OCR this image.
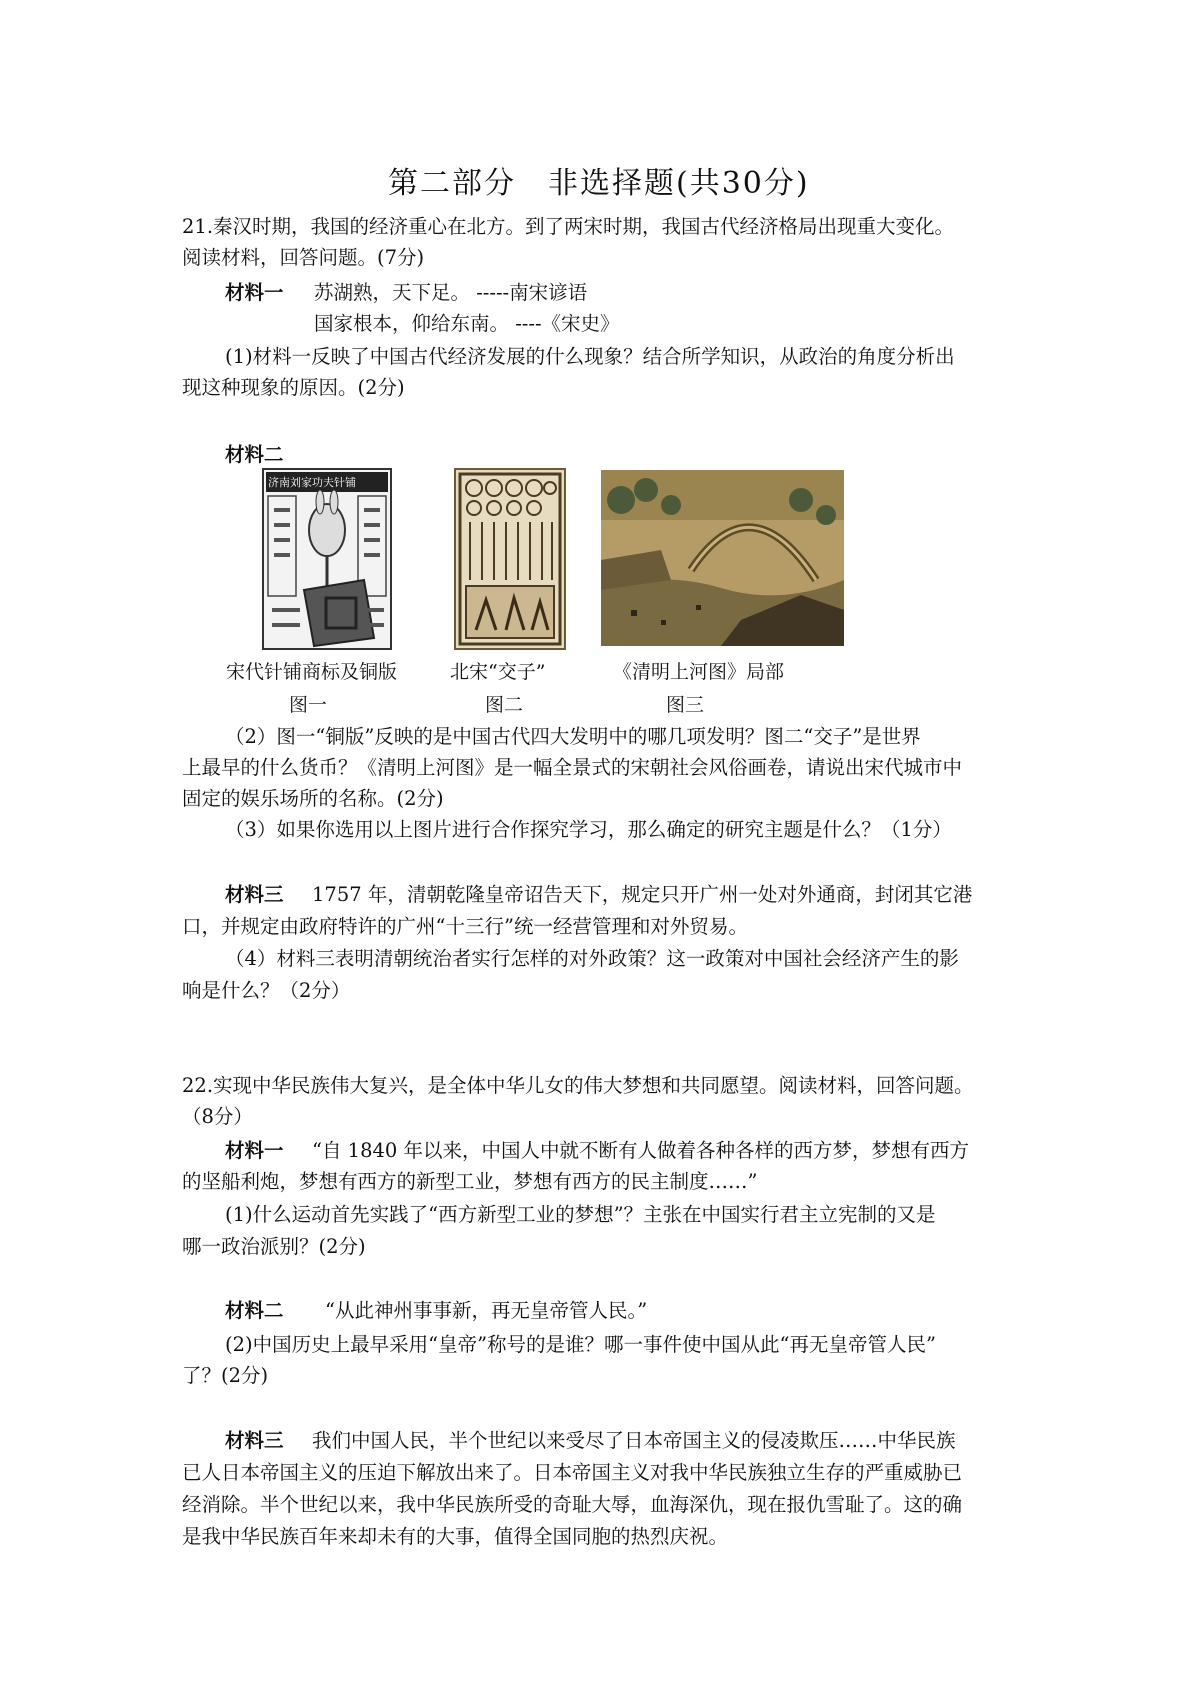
第二部分　非选择题(共30分)
21.秦汉时期，我国的经济重心在北方。到了两宋时期，我国古代经济格局出现重大变化。
阅读材料，回答问题。(7分)
材料一 苏湖熟，天下足。 -----南宋谚语
国家根本，仰给东南。 ----《宋史》
(1)材料一反映了中国古代经济发展的什么现象？结合所学知识，从政治的角度分析出
现这种现象的原因。(2分)
材料二
济南刘家功夫针铺
宋代针铺商标及铜版	北宋“交子”	《清明上河图》局部
图一	图二	图三
（2）图一“铜版”反映的是中国古代四大发明中的哪几项发明？图二“交子”是世界
上最早的什么货币？《清明上河图》是一幅全景式的宋朝社会风俗画卷，请说出宋代城市中
固定的娱乐场所的名称。(2分)
（3）如果你选用以上图片进行合作探究学习，那么确定的研究主题是什么？（1分）
材料三 1757 年，清朝乾隆皇帝诏告天下，规定只开广州一处对外通商，封闭其它港
口，并规定由政府特许的广州“十三行”统一经营管理和对外贸易。
（4）材料三表明清朝统治者实行怎样的对外政策？这一政策对中国社会经济产生的影
响是什么？（2分）
22.实现中华民族伟大复兴，是全体中华儿女的伟大梦想和共同愿望。阅读材料，回答问题。
（8分）
材料一 “自 1840 年以来，中国人中就不断有人做着各种各样的西方梦，梦想有西方
的坚船利炮，梦想有西方的新型工业，梦想有西方的民主制度……”
(1)什么运动首先实践了“西方新型工业的梦想”？主张在中国实行君主立宪制的又是
哪一政治派别？(2分)
材料二 “从此神州事事新，再无皇帝管人民。”
(2)中国历史上最早采用“皇帝”称号的是谁？哪一事件使中国从此“再无皇帝管人民”
了？(2分)
材料三 我们中国人民，半个世纪以来受尽了日本帝国主义的侵凌欺压……中华民族
已人日本帝国主义的压迫下解放出来了。日本帝国主义对我中华民族独立生存的严重威胁已
经消除。半个世纪以来，我中华民族所受的奇耻大辱，血海深仇，现在报仇雪耻了。这的确
是我中华民族百年来却未有的大事，值得全国同胞的热烈庆祝。
